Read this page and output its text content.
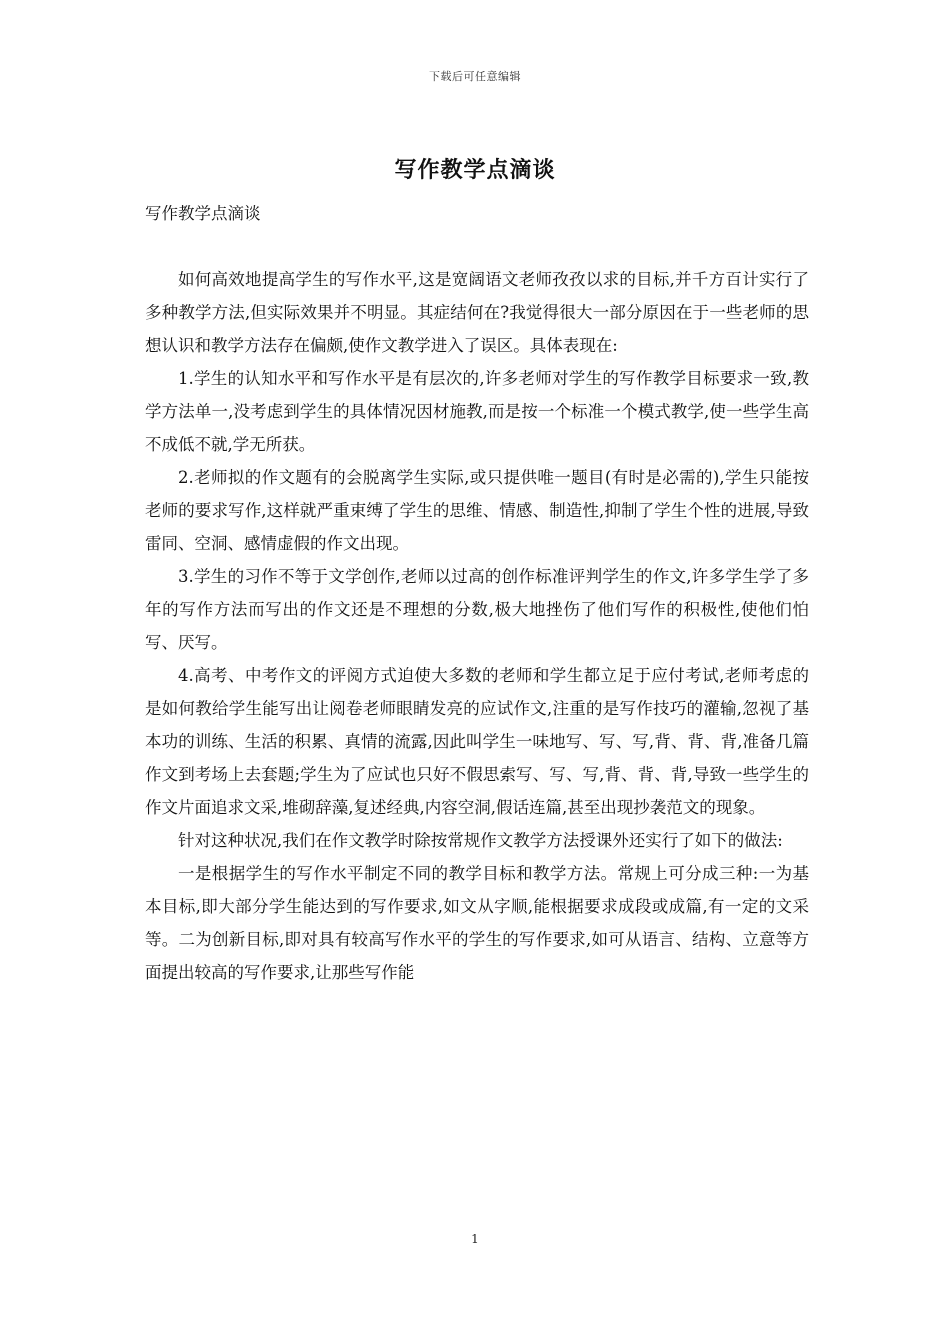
下载后可任意编辑
写作教学点滴谈

写作教学点滴谈

如何高效地提高学生的写作水平,这是宽阔语文老师孜孜以求的目标,并千方百计实行了多种教学方法,但实际效果并不明显。其症结何在?我觉得很大一部分原因在于一些老师的思想认识和教学方法存在偏颇,使作文教学进入了误区。具体表现在:

1.学生的认知水平和写作水平是有层次的,许多老师对学生的写作教学目标要求一致,教学方法单一,没考虑到学生的具体情况因材施教,而是按一个标准一个模式教学,使一些学生高不成低不就,学无所获。

2.老师拟的作文题有的会脱离学生实际,或只提供唯一题目(有时是必需的),学生只能按老师的要求写作,这样就严重束缚了学生的思维、情感、制造性,抑制了学生个性的进展,导致雷同、空洞、感情虚假的作文出现。

3.学生的习作不等于文学创作,老师以过高的创作标准评判学生的作文,许多学生学了多年的写作方法而写出的作文还是不理想的分数,极大地挫伤了他们写作的积极性,使他们怕写、厌写。

4.高考、中考作文的评阅方式迫使大多数的老师和学生都立足于应付考试,老师考虑的是如何教给学生能写出让阅卷老师眼睛发亮的应试作文,注重的是写作技巧的灌输,忽视了基本功的训练、生活的积累、真情的流露,因此叫学生一味地写、写、写,背、背、背,准备几篇作文到考场上去套题;学生为了应试也只好不假思索写、写、写,背、背、背,导致一些学生的作文片面追求文采,堆砌辞藻,复述经典,内容空洞,假话连篇,甚至出现抄袭范文的现象。

针对这种状况,我们在作文教学时除按常规作文教学方法授课外还实行了如下的做法:

一是根据学生的写作水平制定不同的教学目标和教学方法。常规上可分成三种:一为基本目标,即大部分学生能达到的写作要求,如文从字顺,能根据要求成段或成篇,有一定的文采等。二为创新目标,即对具有较高写作水平的学生的写作要求,如可从语言、结构、立意等方面提出较高的写作要求,让那些写作能

1
